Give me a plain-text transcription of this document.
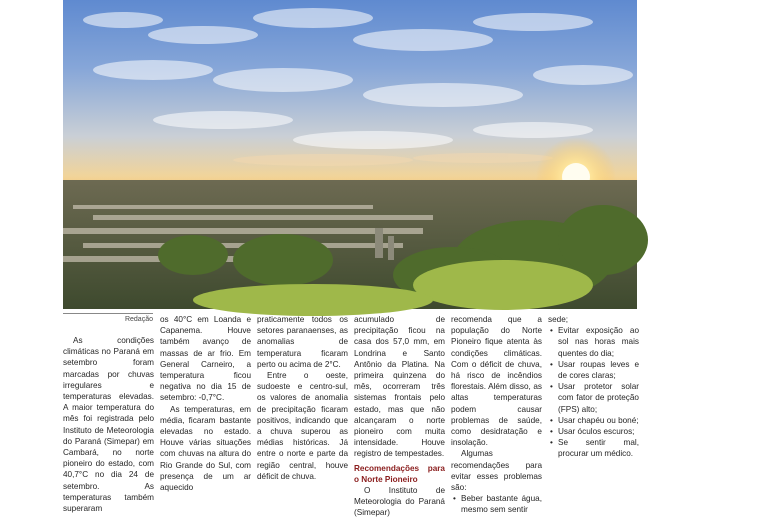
Redação

As condições climáticas no Paraná em setembro foram marcadas por chuvas irregulares e temperaturas elevadas. A maior temperatura do mês foi registrada pelo Instituto de Meteorologia do Paraná (Simepar) em Cambará, no norte pioneiro do estado, com 40,7°C no dia 24 de setembro. As temperaturas também superaram

os 40°C em Loanda e Capanema. Houve também avanço de massas de ar frio. Em General Carneiro, a temperatura ficou negativa no dia 15 de setembro: -0,7°C.

As temperaturas, em média, ficaram bastante elevadas no estado. Houve várias situações com chuvas na altura do Rio Grande do Sul, com presença de um ar aquecido

praticamente todos os setores paranaenses, as anomalias de temperatura ficaram perto ou acima de 2°C.

Entre o oeste, sudoeste e centro-sul, os valores de anomalia de precipitação ficaram positivos, indicando que a chuva superou as médias históricas. Já entre o norte e parte da região central, houve déficit de chuva.

acumulado de precipitação ficou na casa dos 57,0 mm, em Londrina e Santo Antônio da Platina. Na primeira quinzena do mês, ocorreram três sistemas frontais pelo estado, mas que não alcançaram o norte pioneiro com muita intensidade. Houve registro de tempestades.

Recomendações para o Norte Pioneiro

O Instituto de Meteorologia do Paraná (Simepar)

recomenda que a população do Norte Pioneiro fique atenta às condições climáticas. Com o déficit de chuva, há risco de incêndios florestais. Além disso, as altas temperaturas podem causar problemas de saúde, como desidratação e insolação.

Algumas recomendações para evitar esses problemas são:

• Beber bastante água, mesmo sem sentir

sede;

• Evitar exposição ao sol nas horas mais quentes do dia;
• Usar roupas leves e de cores claras;
• Usar protetor solar com fator de proteção (FPS) alto;
• Usar chapéu ou boné;
• Usar óculos escuros;
• Se sentir mal, procurar um médico.
